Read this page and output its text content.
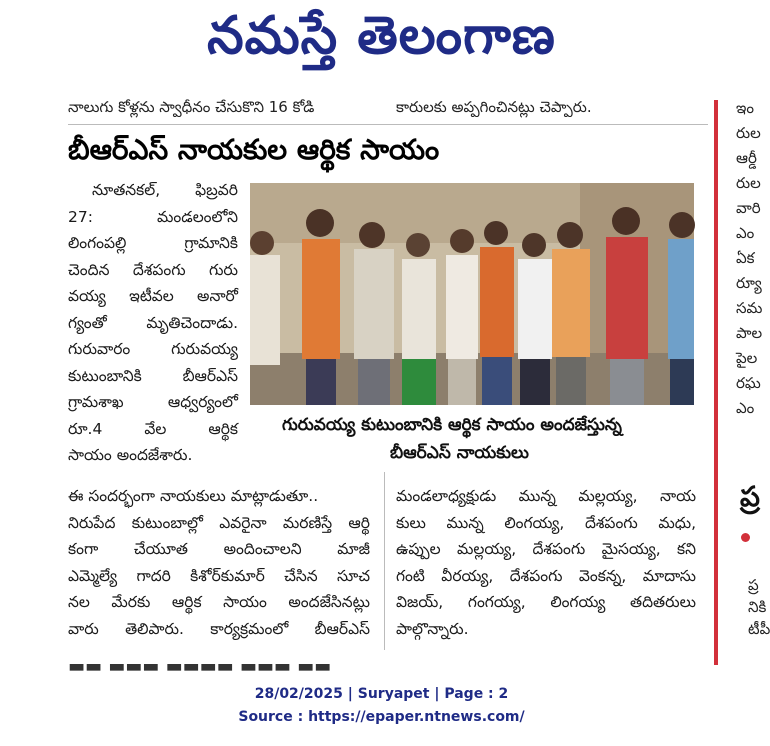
నమస్తే తెలంగాణ
నాలుగు కోళ్లను స్వాధీనం చేసుకొని 16 కోడి	కారులకు అప్పగించినట్లు చెప్పారు.
బీఆర్ఎస్ నాయకుల ఆర్థిక సాయం
గురువయ్య కుటుంబానికి ఆర్థిక సాయం అందజేస్తున్న
బీఆర్ఎస్ నాయకులు
నూతనకల్, ఫిబ్రవరి
27: మండలంలోని
లింగంపల్లి గ్రామానికి
చెందిన దేశపంగు గురు
వయ్య ఇటీవల అనారో
గ్యంతో మృతిచెందాడు.
గురువారం గురువయ్య
కుటుంబానికి బీఆర్ఎస్
గ్రామశాఖ ఆధ్వర్యంలో
రూ.4 వేల ఆర్థిక
సాయం అందజేశారు.
ఈ సందర్భంగా నాయకులు మాట్లాడుతూ..
నిరుపేద కుటుంబాల్లో ఎవరైనా మరణిస్తే ఆర్థి
కంగా చేయూత అందించాలని మాజీ
ఎమ్మెల్యే గాదరి కిశోర్‌కుమార్ చేసిన సూచ
నల మేరకు ఆర్థిక సాయం అందజేసినట్లు
వారు తెలిపారు. కార్యక్రమంలో బీఆర్ఎస్
మండలాధ్యక్షుడు మున్న మల్లయ్య, నాయ
కులు మున్న లింగయ్య, దేశపంగు మధు,
ఉప్పుల మల్లయ్య, దేశపంగు మైసయ్య, కని
గంటి వీరయ్య, దేశపంగు వెంకన్న, మాదాసు
విజయ్, గంగయ్య, లింగయ్య తదితరులు
పాల్గొన్నారు.
▬▬ ▬▬▬ ▬▬▬▬ ▬▬▬ ▬▬
ఇం
రుల
ఆర్డీ
రుల
వారి
ఎం
ఏక
ర్యూ
సమ
పాల
పైల
రఘ
ఎం
ప్ర
ప్ర
నికి
టీపీ
28/02/2025 | Suryapet | Page : 2
Source : https://epaper.ntnews.com/
